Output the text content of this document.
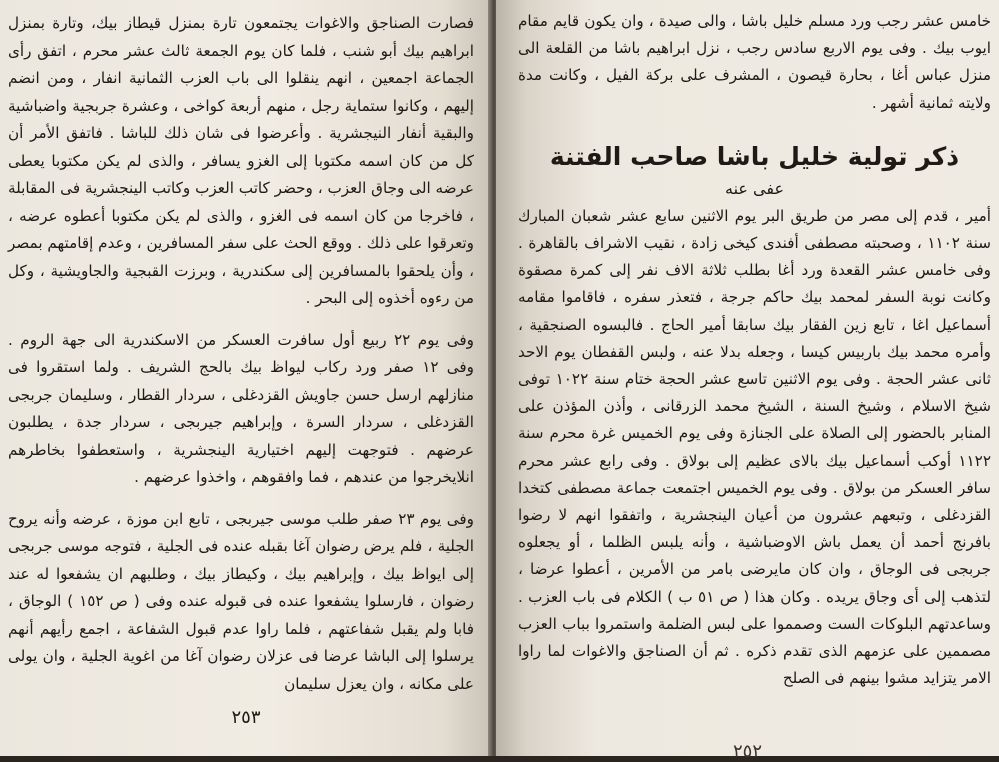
فصارت الصناجق والاغوات يجتمعون تارة بمنزل قيطاز بيك، وتارة بمنزل ابراهيم بيك أبو شنب ، فلما كان يوم الجمعة ثالث عشر محرم ، اتفق رأى الجماعة اجمعين ، انهم ينقلوا الى باب العزب الثمانية انفار ، ومن انضم إليهم ، وكانوا ستماية رجل ، منهم أربعة كواخى ، وعشرة جربجية واضباشية والبقية أنفار النيجشرية . وأعرضوا فى شان ذلك للباشا . فاتفق الأمر أن كل من كان اسمه مكتوبا إلى الغزو يسافر ، والذى لم يكن مكتوبا يعطى عرضه الى وجاق العزب ، وحضر كاتب العزب وكاتب الينجشرية فى المقابلة ، فاخرجا من كان اسمه فى الغزو ، والذى لم يكن مكتوبا أعطوه عرضه ، وتعرقوا على ذلك . ووقع الحث على سفر المسافرين ، وعدم إقامتهم بمصر ، وأن يلحقوا بالمسافرين إلى سكندرية ، وبرزت القبجية والجاويشية ، وكل من رءوه أخذوه إلى البحر .

وفى يوم ٢٢ ربيع أول سافرت العسكر من الاسكندرية الى جهة الروم . وفى ١٢ صفر ورد ركاب ليواظ بيك بالحج الشريف . ولما استقروا فى منازلهم ارسل حسن جاويش القزدغلى ، سردار القطار ، وسليمان جربجى القزدغلى ، سردار السرة ، وإبراهيم جيربجى ، سردار جدة ، يطلبون عرضهم . فتوجهت إليهم اختيارية الينجشرية ، واستعطفوا بخاطرهم انلايخرجوا من عندهم ، فما وافقوهم ، واخذوا عرضهم .

وفى يوم ٢٣ صفر طلب موسى جيربجى ، تابع ابن موزة ، عرضه وأنه يروح الجلية ، فلم يرض رضوان آغا بقبله عنده فى الجلية ، فتوجه موسى جربجى إلى ايواظ بيك ، وإبراهيم بيك ، وكيطاز بيك ، وطلبهم ان يشفعوا له عند رضوان ، فارسلوا يشفعوا عنده فى قبوله عنده وفى ( ص ١٥٢ ) الوجاق ، فابا ولم يقبل شفاعتهم ، فلما راوا عدم قبول الشفاعة ، اجمع رأيهم أنهم يرسلوا إلى الباشا عرضا فى عزلان رضوان آغا من اغوية الجلية ، وان يولى على مكانه ، وان يعزل سليمان

٢٥٣

خامس عشر رجب ورد مسلم خليل باشا ، والى صيدة ، وان يكون قايم مقام ايوب بيك . وفى يوم الاربع سادس رجب ، نزل ابراهيم باشا من القلعة الى منزل عباس أغا ، بحارة قيصون ، المشرف على بركة الفيل ، وكانت مدة ولايته ثمانية أشهر .

ذكر تولية خليل باشا صاحب الفتنة
عفى عنه

أمير ، قدم إلى مصر من طريق البر يوم الاثنين سابع عشر شعبان المبارك سنة ١١٠٢ ، وصحبته مصطفى أفندى كيخى زادة ، نقيب الاشراف بالقاهرة . وفى خامس عشر القعدة ورد أغا بطلب ثلاثة الاف نفر إلى كمرة مصقوة وكانت نوبة السفر لمحمد بيك حاكم جرجة ، فتعذر سفره ، فاقاموا مقامه أسماعيل اغا ، تابع زين الفقار بيك سابقا أمير الحاج . فالبسوه الصنجقية ، وأمره محمد بيك باربيس كيسا ، وجعله بدلا عنه ، ولبس القفطان يوم الاحد ثانى عشر الحجة . وفى يوم الاثنين تاسع عشر الحجة ختام سنة ١٠٢٢ توفى شيخ الاسلام ، وشيخ السنة ، الشيخ محمد الزرقانى ، وأذن المؤذن على المنابر بالحضور إلى الصلاة على الجنازة وفى يوم الخميس غرة محرم سنة ١١٢٢ أوكب أسماعيل بيك بالاى عظيم إلى بولاق . وفى رابع عشر محرم سافر العسكر من بولاق . وفى يوم الخميس اجتمعت جماعة مصطفى كتخدا القزدغلى ، وتبعهم عشرون من أعيان الينجشرية ، واتفقوا انهم لا رضوا بافرنج أحمد أن يعمل باش الاوضباشية ، وأنه يلبس الظلما ، أو يجعلوه جربجى فى الوجاق ، وان كان مايرضى بامر من الأمرين ، أعطوا عرضا ، لتذهب إلى أى وجاق يريده . وكان هذا ( ص ٥١ ب ) الكلام فى باب العزب . وساعدتهم البلوكات الست وصمموا على لبس الضلمة واستمروا بباب العزب مصممين على عزمهم الذى تقدم ذكره . ثم أن الصناجق والاغوات لما راوا الامر يتزايد مشوا بينهم فى الصلح

٢٥٢
